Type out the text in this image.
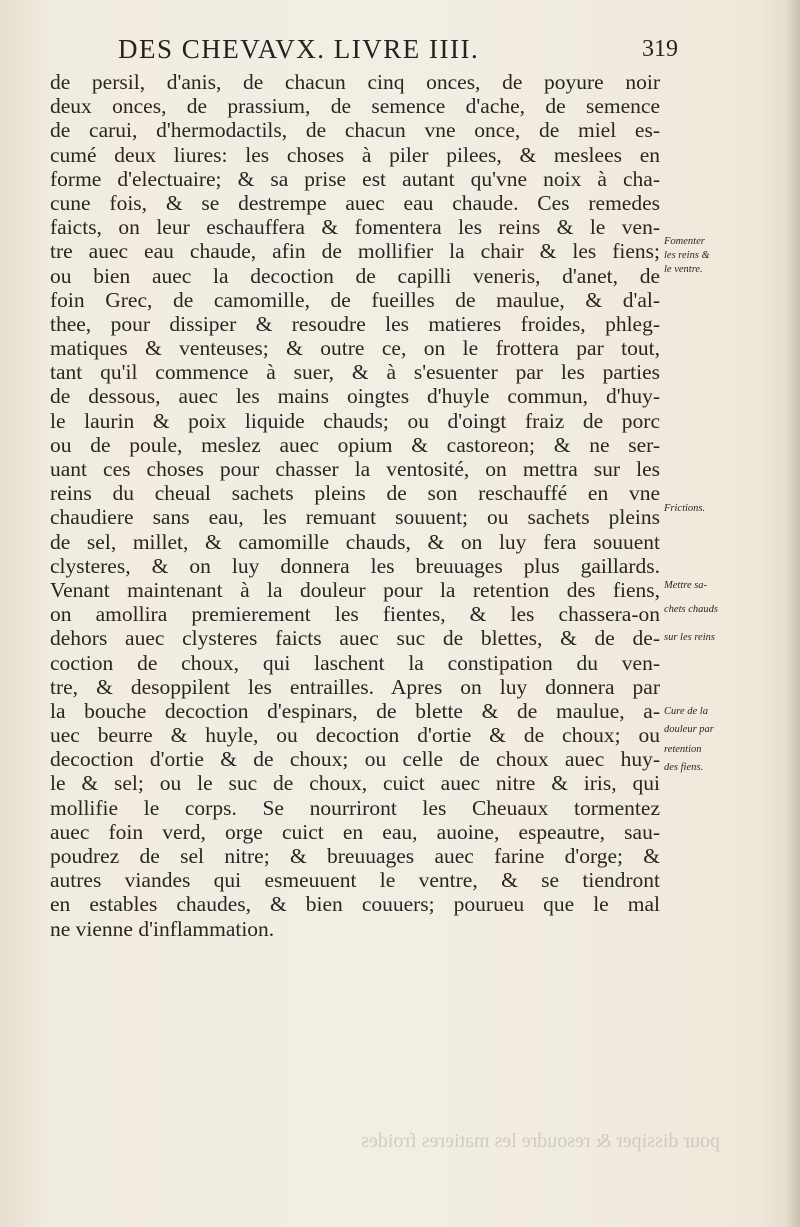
DES CHEVAVX. LIVRE IIII.	319
de persil, d'anis, de chacun cinq onces, de poyure noir
deux onces, de prassium, de semence d'ache, de semence
de carui, d'hermodactils, de chacun vne once, de miel es-
cumé deux liures: les choses à piler pilees, & meslees en
forme d'electuaire; & sa prise est autant qu'vne noix à cha-
cune fois, & se destrempe auec eau chaude. Ces remedes
faicts, on leur eschauffera & fomentera les reins & le ven-
tre auec eau chaude, afin de mollifier la chair & les fiens;
ou bien auec la decoction de capilli veneris, d'anet, de
foin Grec, de camomille, de fueilles de maulue, & d'al-
thee, pour dissiper & resoudre les matieres froides, phleg-
matiques & venteuses; & outre ce, on le frottera par tout,
tant qu'il commence à suer, & à s'esuenter par les parties
de dessous, auec les mains oingtes d'huyle commun, d'huy-
le laurin & poix liquide chauds; ou d'oingt fraiz de porc
ou de poule, meslez auec opium & castoreon; & ne ser-
uant ces choses pour chasser la ventosité, on mettra sur les
reins du cheual sachets pleins de son reschauffé en vne
chaudiere sans eau, les remuant souuent; ou sachets pleins
de sel, millet, & camomille chauds, & on luy fera souuent
clysteres, & on luy donnera les breuuages plus gaillards.
Venant maintenant à la douleur pour la retention des fiens,
on amollira premierement les fientes, & les chassera-on
dehors auec clysteres faicts auec suc de blettes, & de de-
coction de choux, qui laschent la constipation du ven-
tre, & desoppilent les entrailles. Apres on luy donnera par
la bouche decoction d'espinars, de blette & de maulue, a-
uec beurre & huyle, ou decoction d'ortie & de choux; ou
decoction d'ortie & de choux; ou celle de choux auec huy-
le & sel; ou le suc de choux, cuict auec nitre & iris, qui
mollifie le corps. Se nourriront les Cheuaux tormentez
auec foin verd, orge cuict en eau, auoine, espeautre, sau-
poudrez de sel nitre; & breuuages auec farine d'orge; &
autres viandes qui esmeuuent le ventre, & se tiendront
en estables chaudes, & bien couuers; pourueu que le mal
ne vienne d'inflammation.
Fomenter
les reins &
le ventre.
Frictions.
Mettre sa-
chets chauds
sur les reins
Cure de la
douleur par
retention
des fiens.
pour dissiper & resoudre les matieres froides
